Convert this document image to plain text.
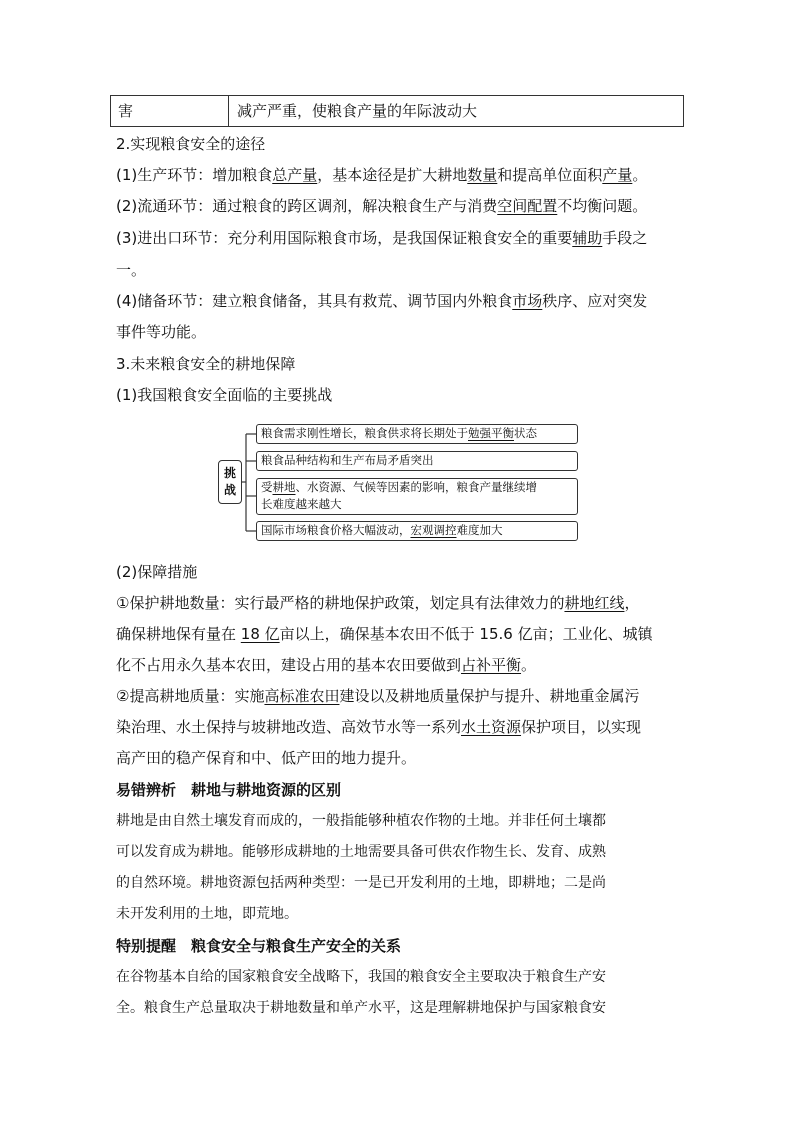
害	减产严重，使粮食产量的年际波动大
2.实现粮食安全的途径
(1)生产环节：增加粮食总产量，基本途径是扩大耕地数量和提高单位面积产量。
(2)流通环节：通过粮食的跨区调剂，解决粮食生产与消费空间配置不均衡问题。
(3)进出口环节：充分利用国际粮食市场，是我国保证粮食安全的重要辅助手段之
一。
(4)储备环节：建立粮食储备，其具有救荒、调节国内外粮食市场秩序、应对突发
事件等功能。
3.未来粮食安全的耕地保障
(1)我国粮食安全面临的主要挑战
挑战
粮食需求刚性增长，粮食供求将长期处于勉强平衡状态
粮食品种结构和生产布局矛盾突出
受耕地、水资源、气候等因素的影响，粮食产量继续增
长难度越来越大
国际市场粮食价格大幅波动，宏观调控难度加大
(2)保障措施
①保护耕地数量：实行最严格的耕地保护政策，划定具有法律效力的耕地红线，
确保耕地保有量在 18 亿亩以上，确保基本农田不低于 15.6 亿亩；工业化、城镇
化不占用永久基本农田，建设占用的基本农田要做到占补平衡。
②提高耕地质量：实施高标准农田建设以及耕地质量保护与提升、耕地重金属污
染治理、水土保持与坡耕地改造、高效节水等一系列水土资源保护项目，以实现
高产田的稳产保育和中、低产田的地力提升。
易错辨析　耕地与耕地资源的区别
耕地是由自然土壤发育而成的，一般指能够种植农作物的土地。并非任何土壤都
可以发育成为耕地。能够形成耕地的土地需要具备可供农作物生长、发育、成熟
的自然环境。耕地资源包括两种类型：一是已开发利用的土地，即耕地；二是尚
未开发利用的土地，即荒地。
特别提醒　粮食安全与粮食生产安全的关系
在谷物基本自给的国家粮食安全战略下，我国的粮食安全主要取决于粮食生产安
全。粮食生产总量取决于耕地数量和单产水平，这是理解耕地保护与国家粮食安
